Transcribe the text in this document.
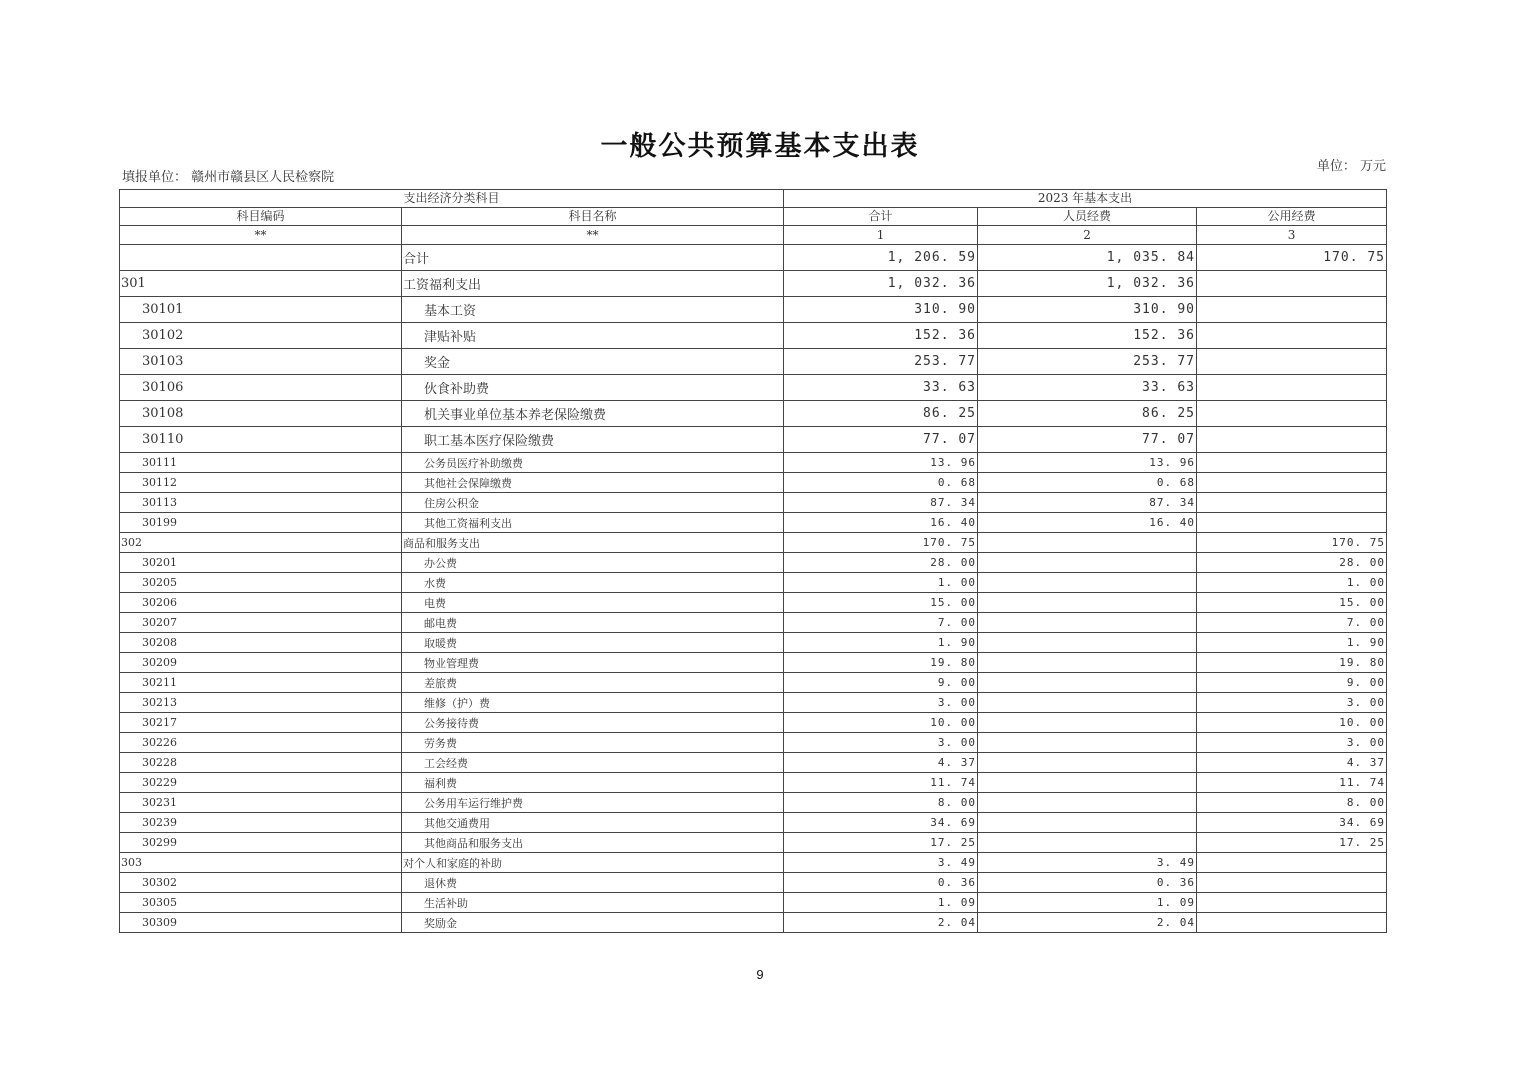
一般公共预算基本支出表
填报单位： 赣州市赣县区人民检察院
单位： 万元
支出经济分类科目		2023 年基本支出		
科目编码	科目名称	合计	人员经费	公用经费
**	**	1	2	3
	合计	1, 206. 59	1, 035. 84	170. 75
301	工资福利支出	1, 032. 36	1, 032. 36	
30101	基本工资	310. 90	310. 90	
30102	津贴补贴	152. 36	152. 36	
30103	奖金	253. 77	253. 77	
30106	伙食补助费	33. 63	33. 63	
30108	机关事业单位基本养老保险缴费	86. 25	86. 25	
30110	职工基本医疗保险缴费	77. 07	77. 07	
30111	公务员医疗补助缴费	13. 96	13. 96	
30112	其他社会保障缴费	0. 68	0. 68	
30113	住房公积金	87. 34	87. 34	
30199	其他工资福利支出	16. 40	16. 40	
302	商品和服务支出	170. 75		170. 75
30201	办公费	28. 00		28. 00
30205	水费	1. 00		1. 00
30206	电费	15. 00		15. 00
30207	邮电费	7. 00		7. 00
30208	取暖费	1. 90		1. 90
30209	物业管理费	19. 80		19. 80
30211	差旅费	9. 00		9. 00
30213	维修（护）费	3. 00		3. 00
30217	公务接待费	10. 00		10. 00
30226	劳务费	3. 00		3. 00
30228	工会经费	4. 37		4. 37
30229	福利费	11. 74		11. 74
30231	公务用车运行维护费	8. 00		8. 00
30239	其他交通费用	34. 69		34. 69
30299	其他商品和服务支出	17. 25		17. 25
303	对个人和家庭的补助	3. 49	3. 49	
30302	退休费	0. 36	0. 36	
30305	生活补助	1. 09	1. 09	
30309	奖励金	2. 04	2. 04	
9
